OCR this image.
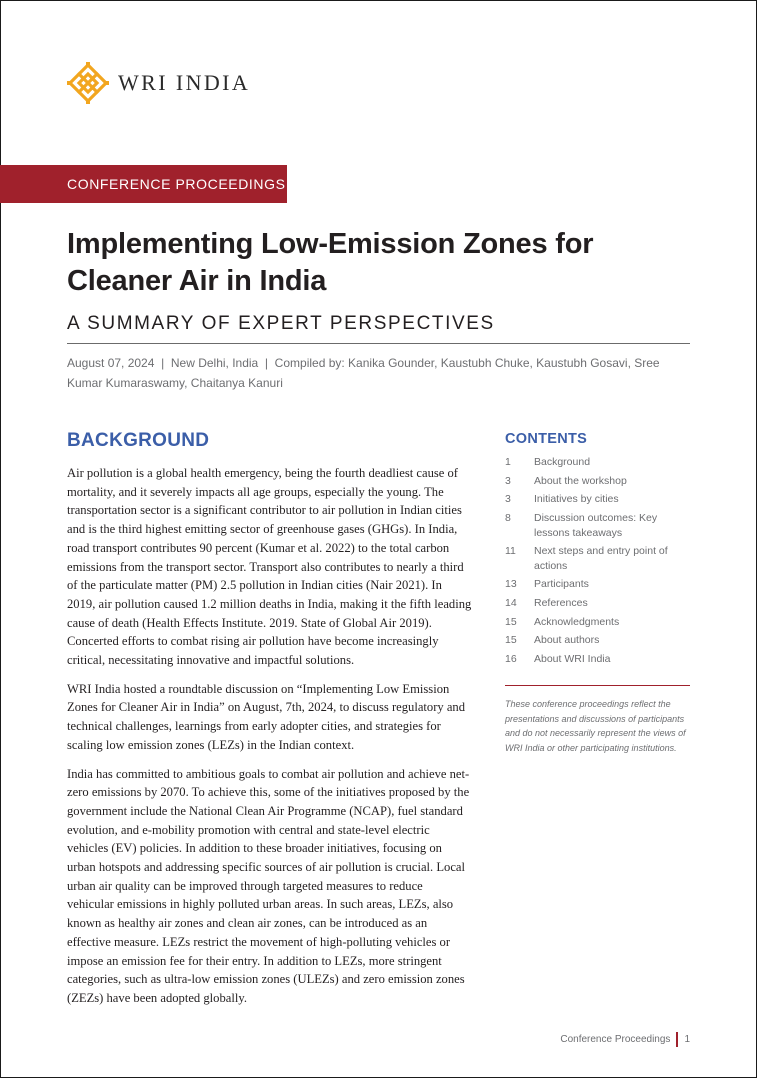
WRI INDIA
CONFERENCE PROCEEDINGS
Implementing Low-Emission Zones for Cleaner Air in India
A SUMMARY OF EXPERT PERSPECTIVES
August 07, 2024  |  New Delhi, India  |  Compiled by: Kanika Gounder, Kaustubh Chuke, Kaustubh Gosavi, Sree Kumar Kumaraswamy, Chaitanya Kanuri
BACKGROUND

Air pollution is a global health emergency, being the fourth deadliest cause of mortality, and it severely impacts all age groups, especially the young. The transportation sector is a significant contributor to air pollution in Indian cities and is the third highest emitting sector of greenhouse gases (GHGs). In India, road transport contributes 90 percent (Kumar et al. 2022) to the total carbon emissions from the transport sector. Transport also contributes to nearly a third of the particulate matter (PM) 2.5 pollution in Indian cities (Nair 2021). In 2019, air pollution caused 1.2 million deaths in India, making it the fifth leading cause of death (Health Effects Institute. 2019. State of Global Air 2019). Concerted efforts to combat rising air pollution have become increasingly critical, necessitating innovative and impactful solutions.

WRI India hosted a roundtable discussion on “Implementing Low Emission Zones for Cleaner Air in India” on August, 7th, 2024, to discuss regulatory and technical challenges, learnings from early adopter cities, and strategies for scaling low emission zones (LEZs) in the Indian context.

India has committed to ambitious goals to combat air pollution and achieve net-zero emissions by 2070. To achieve this, some of the initiatives proposed by the government include the National Clean Air Programme (NCAP), fuel standard evolution, and e-mobility promotion with central and state-level electric vehicles (EV) policies. In addition to these broader initiatives, focusing on urban hotspots and addressing specific sources of air pollution is crucial. Local urban air quality can be improved through targeted measures to reduce vehicular emissions in highly polluted urban areas. In such areas, LEZs, also known as healthy air zones and clean air zones, can be introduced as an effective measure. LEZs restrict the movement of high-polluting vehicles or impose an emission fee for their entry. In addition to LEZs, more stringent categories, such as ultra-low emission zones (ULEZs) and zero emission zones (ZEZs) have been adopted globally.

CONTENTS
1	Background
3	About the workshop
3	Initiatives by cities
8	Discussion outcomes: Key lessons takeaways
11	Next steps and entry point of actions
13	Participants
14	References
15	Acknowledgments
15	About authors
16	About WRI India

These conference proceedings reflect the presentations and discussions of participants and do not necessarily represent the views of WRI India or other participating institutions.

Conference Proceedings 1
